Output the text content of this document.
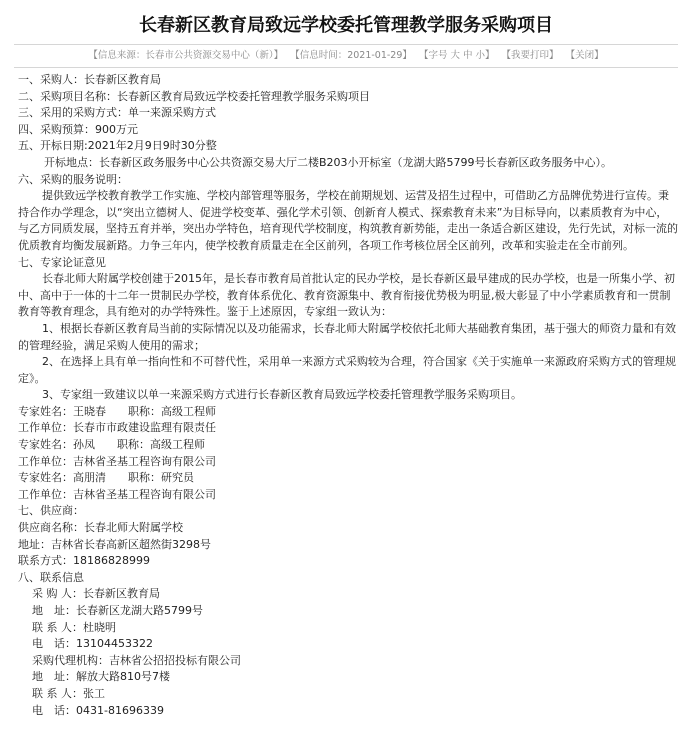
长春新区教育局致远学校委托管理教学服务采购项目
【信息来源：长春市公共资源交易中心（新）】 【信息时间：2021-01-29】 【字号 大 中 小】 【我要打印】 【关闭】
一、采购人：长春新区教育局
二、采购项目名称：长春新区教育局致远学校委托管理教学服务采购项目
三、采用的采购方式：单一来源采购方式
四、采购预算：900万元
五、开标日期:2021年2月9日9时30分整
开标地点：长春新区政务服务中心公共资源交易大厅二楼B203小开标室（龙湖大路5799号长春新区政务服务中心）。
六、采购的服务说明：
提供致远学校教育教学工作实施、学校内部管理等服务，学校在前期规划、运营及招生过程中，可借助乙方品牌优势进行宣传。秉持合作办学理念，以“突出立德树人、促进学校变革、强化学术引领、创新育人模式、探索教育未来”为目标导向，以素质教育为中心，与乙方同质发展，坚持五育并举，突出办学特色，培育现代学校制度，构筑教育新势能，走出一条适合新区建设，先行先试，对标一流的优质教育均衡发展新路。力争三年内，使学校教育质量走在全区前列，各项工作考核位居全区前列，改革和实验走在全市前列。
七、专家论证意见
长春北师大附属学校创建于2015年，是长春市教育局首批认定的民办学校，是长春新区最早建成的民办学校，也是一所集小学、初中、高中于一体的十二年一贯制民办学校，教育体系优化、教育资源集中、教育衔接优势极为明显,极大彰显了中小学素质教育和一贯制教育等教育理念，具有绝对的办学特殊性。鉴于上述原因，专家组一致认为：
1、根据长春新区教育局当前的实际情况以及功能需求，长春北师大附属学校依托北师大基础教育集团，基于强大的师资力量和有效的管理经验，满足采购人使用的需求；
2、在选择上具有单一指向性和不可替代性，采用单一来源方式采购较为合理，符合国家《关于实施单一来源政府采购方式的管理规定》。
3、专家组一致建议以单一来源采购方式进行长春新区教育局致远学校委托管理教学服务采购项目。
专家姓名：王晓春　　职称：高级工程师
工作单位：长春市市政建设监理有限责任
专家姓名：孙凤　　职称：高级工程师
工作单位：吉林省圣基工程咨询有限公司
专家姓名：高朋清　　职称：研究员
工作单位：吉林省圣基工程咨询有限公司
七、供应商：
供应商名称：长春北师大附属学校
地址：吉林省长春高新区超然街3298号
联系方式：18186828999
八、联系信息
采 购 人：长春新区教育局
地　址：长春新区龙湖大路5799号
联 系 人：杜晓明
电　话：13104453322
采购代理机构：吉林省公招招投标有限公司
地　址：解放大路810号7楼
联 系 人：张工
电　话：0431-81696339
